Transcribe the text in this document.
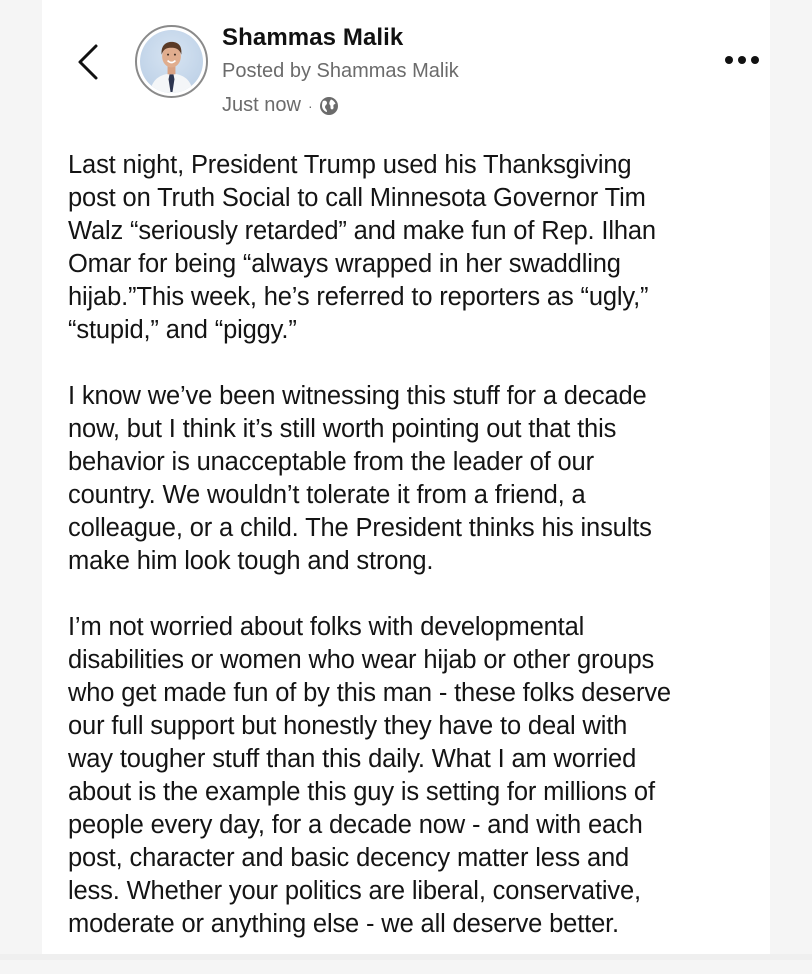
Shammas Malik
Posted by Shammas Malik
Just now ·

Last night, President Trump used his Thanksgiving
post on Truth Social to call Minnesota Governor Tim
Walz “seriously retarded” and make fun of Rep. Ilhan
Omar for being “always wrapped in her swaddling
hijab.”This week, he’s referred to reporters as “ugly,”
“stupid,” and “piggy.”

I know we’ve been witnessing this stuff for a decade
now, but I think it’s still worth pointing out that this
behavior is unacceptable from the leader of our
country. We wouldn’t tolerate it from a friend, a
colleague, or a child. The President thinks his insults
make him look tough and strong.

I’m not worried about folks with developmental
disabilities or women who wear hijab or other groups
who get made fun of by this man - these folks deserve
our full support but honestly they have to deal with
way tougher stuff than this daily. What I am worried
about is the example this guy is setting for millions of
people every day, for a decade now - and with each
post, character and basic decency matter less and
less. Whether your politics are liberal, conservative,
moderate or anything else - we all deserve better.
